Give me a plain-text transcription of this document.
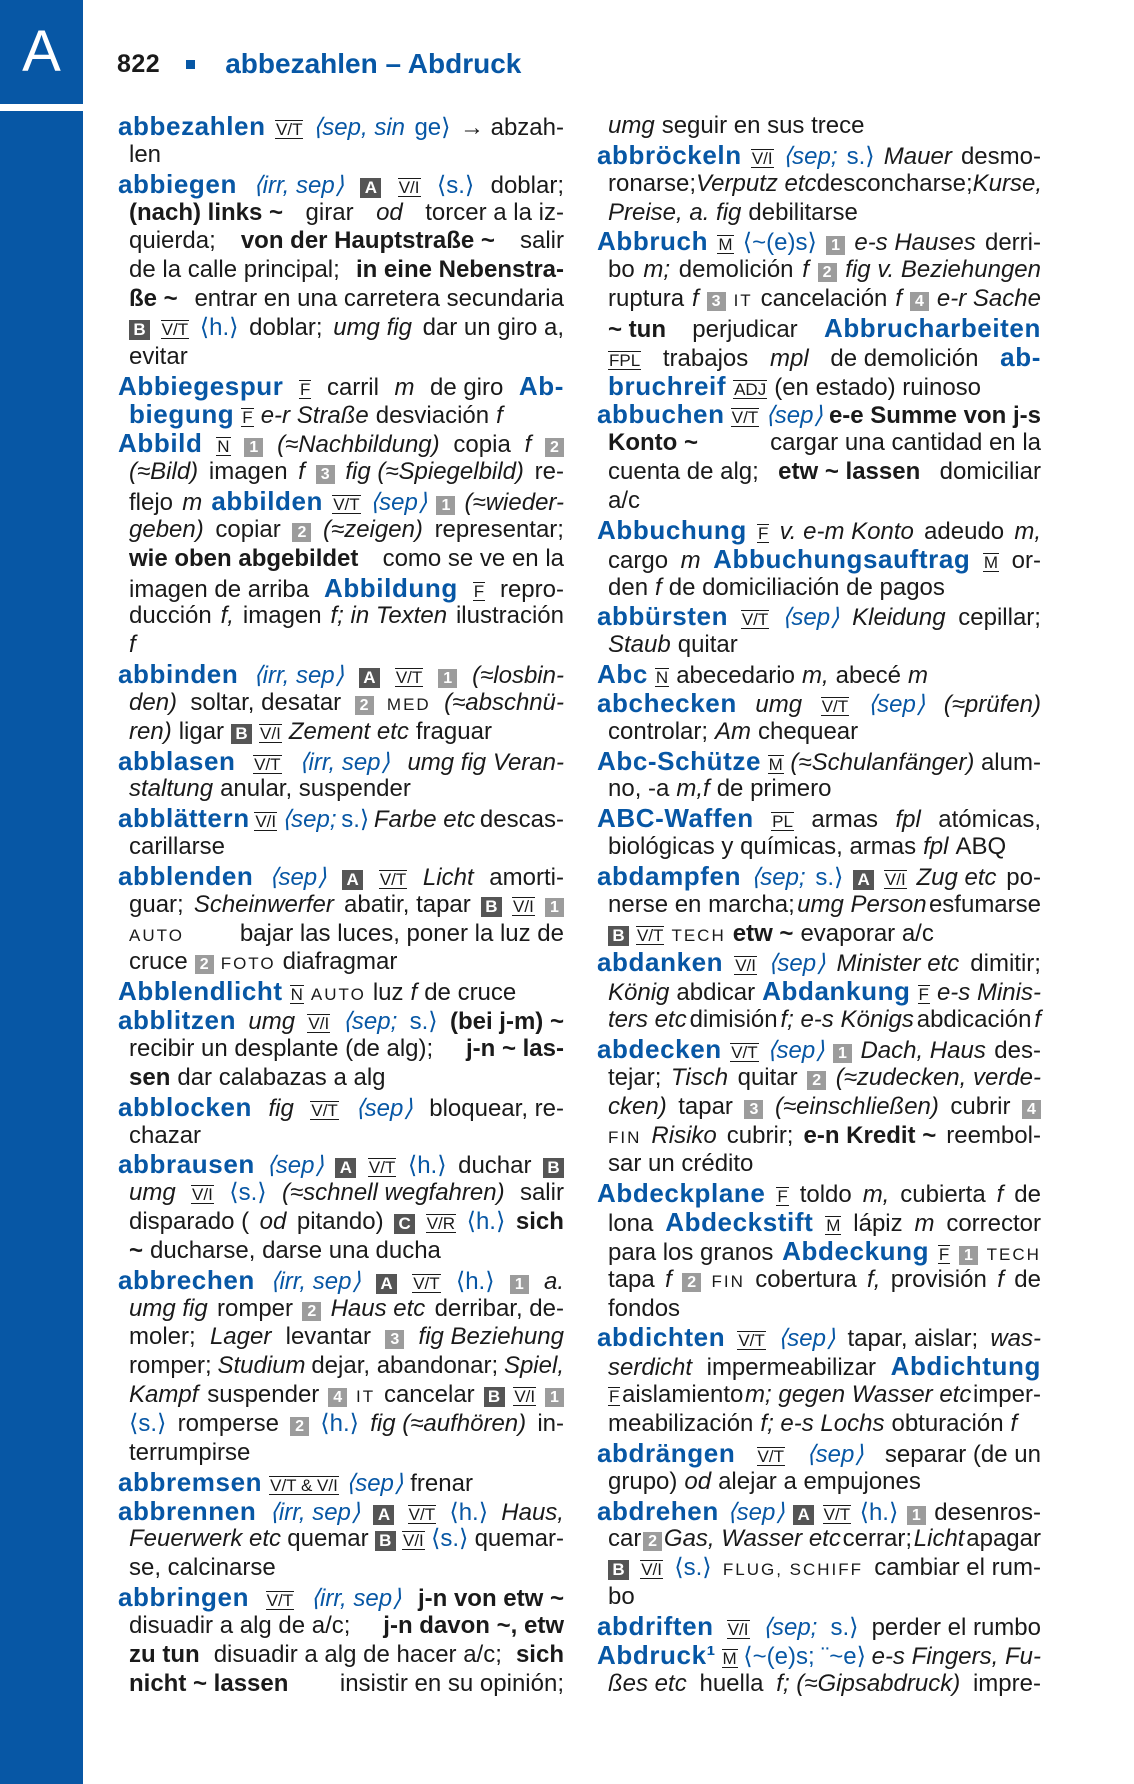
A	822 abbezahlen – Abdruck
abbezahlen V/T ⟨sep, sin ge⟩ → abzah-
len
abbiegen ⟨irr, sep⟩ A V/I ⟨s.⟩ doblar;
(nach) links ~ girar od torcer a la iz-
quierda; von der Hauptstraße ~ salir
de la calle principal; in eine Nebenstra-
ße ~ entrar en una carretera secundaria
B V/T ⟨h.⟩ doblar; umg fig dar un giro a,
evitar
Abbiegespur F carril m de giro Ab-
biegung F e-r Straße desviación f
Abbild N	1 (≈Nachbildung) copia f	2
(≈Bild) imagen f 3 fig (≈Spiegelbild) re-
flejo m abbilden V/T ⟨sep⟩ 1 (≈wieder-
geben) copiar	2 (≈zeigen) representar;
wie oben abgebildet como se ve en la
imagen de arriba Abbildung F repro-
ducción f, imagen f; in Texten ilustración
f
abbinden ⟨irr, sep⟩ A V/T	1 (≈losbin-
den) soltar, desatar	2 MED (≈abschnü-
ren) ligar B V/I Zement etc fraguar
abblasen V/T ⟨irr, sep⟩ umg fig Veran-
staltung anular, suspender
abblättern V/I ⟨sep; s.⟩ Farbe etc descas-
carillarse
abblenden ⟨sep⟩ A V/T Licht amorti-
guar; Scheinwerfer abatir, tapar B V/I	1
AUTO bajar las luces, poner la luz de
cruce 2 FOTO diafragmar
Abblendlicht N AUTO luz f de cruce
abblitzen umg V/I ⟨sep; s.⟩ (bei j-m) ~
recibir un desplante (de alg); j-n ~ las-
sen dar calabazas a alg
abblocken fig V/T ⟨sep⟩ bloquear, re-
chazar
abbrausen ⟨sep⟩ A V/T ⟨h.⟩ duchar B
umg V/I ⟨s.⟩ (≈schnell wegfahren) salir
disparado ( od pitando) C V/R ⟨h.⟩ sich
~ ducharse, darse una ducha
abbrechen ⟨irr, sep⟩ A V/T ⟨h.⟩	1 a.
umg fig romper 2 Haus etc derribar, de-
moler; Lager levantar	3 fig Beziehung
romper; Studium dejar, abandonar; Spiel,
Kampf suspender 4 IT cancelar B V/I 1
⟨s.⟩ romperse	2 ⟨h.⟩ fig (≈aufhören) in-
terrumpirse
abbremsen V/T & V/I ⟨sep⟩ frenar
abbrennen ⟨irr, sep⟩ A V/T ⟨h.⟩ Haus,
Feuerwerk etc quemar B V/I ⟨s.⟩ quemar-
se, calcinarse
abbringen V/T ⟨irr, sep⟩ j-n von etw ~
disuadir a alg de a/c; j-n davon ~, etw
zu tun disuadir a alg de hacer a/c; sich
nicht ~ lassen insistir en su opinión;
umg seguir en sus trece
abbröckeln V/I ⟨sep; s.⟩ Mauer desmo-
ronarse; Verputz etc desconcharse; Kurse,
Preise, a. fig debilitarse
Abbruch M ⟨~(e)s⟩ 1 e-s Hauses derri-
bo m; demolición f 2 fig v. Beziehungen
ruptura f 3 IT cancelación f 4 e-r Sache
~ tun perjudicar Abbrucharbeiten
FPL trabajos mpl de demolición ab-
bruchreif ADJ (en estado) ruinoso
abbuchen V/T ⟨sep⟩ e-e Summe von j-s
Konto ~	cargar una cantidad en la
cuenta de alg; etw ~ lassen domiciliar
a/c
Abbuchung F v. e-m Konto adeudo m,
cargo m Abbuchungsauftrag M or-
den f de domiciliación de pagos
abbürsten V/T ⟨sep⟩ Kleidung cepillar;
Staub quitar
Abc N abecedario m, abecé m
abchecken umg V/T ⟨sep⟩ (≈prüfen)
controlar; Am chequear
Abc-Schütze M (≈Schulanfänger) alum-
no, -a m,f de primero
ABC-Waffen PL armas fpl atómicas,
biológicas y químicas, armas fpl ABQ
abdampfen ⟨sep; s.⟩ A V/I Zug etc po-
nerse en marcha; umg Person esfumarse
B V/T TECH etw ~ evaporar a/c
abdanken V/I ⟨sep⟩ Minister etc dimitir;
König abdicar Abdankung F e-s Minis-
ters etc dimisión f; e-s Königs abdicación f
abdecken V/T ⟨sep⟩ 1 Dach, Haus des-
tejar; Tisch quitar 2 (≈zudecken, verde-
cken) tapar	3 (≈einschließen) cubrir	4
FIN Risiko cubrir; e-n Kredit ~ reembol-
sar un crédito
Abdeckplane F toldo m, cubierta f de
lona Abdeckstift M lápiz m corrector
para los granos Abdeckung F 1 TECH
tapa f 2 FIN cobertura f, provisión f de
fondos
abdichten V/T ⟨sep⟩ tapar, aislar; was-
serdicht impermeabilizar Abdichtung
F aislamiento m; gegen Wasser etc imper-
meabilización f; e-s Lochs obturación f
abdrängen V/T ⟨sep⟩ separar (de un
grupo) od alejar a empujones
abdrehen ⟨sep⟩ A V/T ⟨h.⟩ 1 desenros-
car 2 Gas, Wasser etc cerrar; Licht apagar
B V/I ⟨s.⟩ FLUG, SCHIFF cambiar el rum-
bo
abdriften V/I ⟨sep; s.⟩ perder el rumbo
Abdruck¹ M ⟨~(e)s; ¨~e⟩ e-s Fingers, Fu-
ßes etc huella f; (≈Gipsabdruck) impre-
